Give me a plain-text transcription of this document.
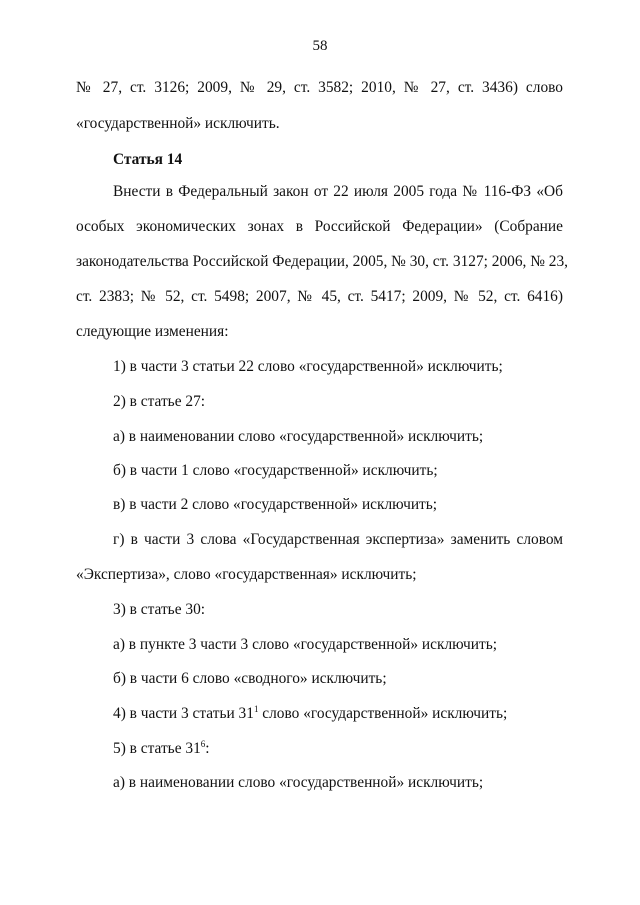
58
№ 27, ст. 3126; 2009, № 29, ст. 3582; 2010, № 27, ст. 3436) слово
«государственной» исключить.
Статья 14
Внести в Федеральный закон от 22 июля 2005 года № 116-ФЗ «Об
особых экономических зонах в Российской Федерации» (Собрание
законодательства Российской Федерации, 2005, № 30, ст. 3127; 2006, № 23,
ст. 2383; № 52, ст. 5498; 2007, № 45, ст. 5417; 2009, № 52, ст. 6416)
следующие изменения:
1) в части 3 статьи 22 слово «государственной» исключить;
2) в статье 27:
а) в наименовании слово «государственной» исключить;
б) в части 1 слово «государственной» исключить;
в) в части 2 слово «государственной» исключить;
г) в части 3 слова «Государственная экспертиза» заменить словом
«Экспертиза», слово «государственная» исключить;
3) в статье 30:
а) в пункте 3 части 3 слово «государственной» исключить;
б) в части 6 слово «сводного» исключить;
4) в части 3 статьи $31^1$ слово «государственной» исключить;
5) в статье $31^6$:
а) в наименовании слово «государственной» исключить;
